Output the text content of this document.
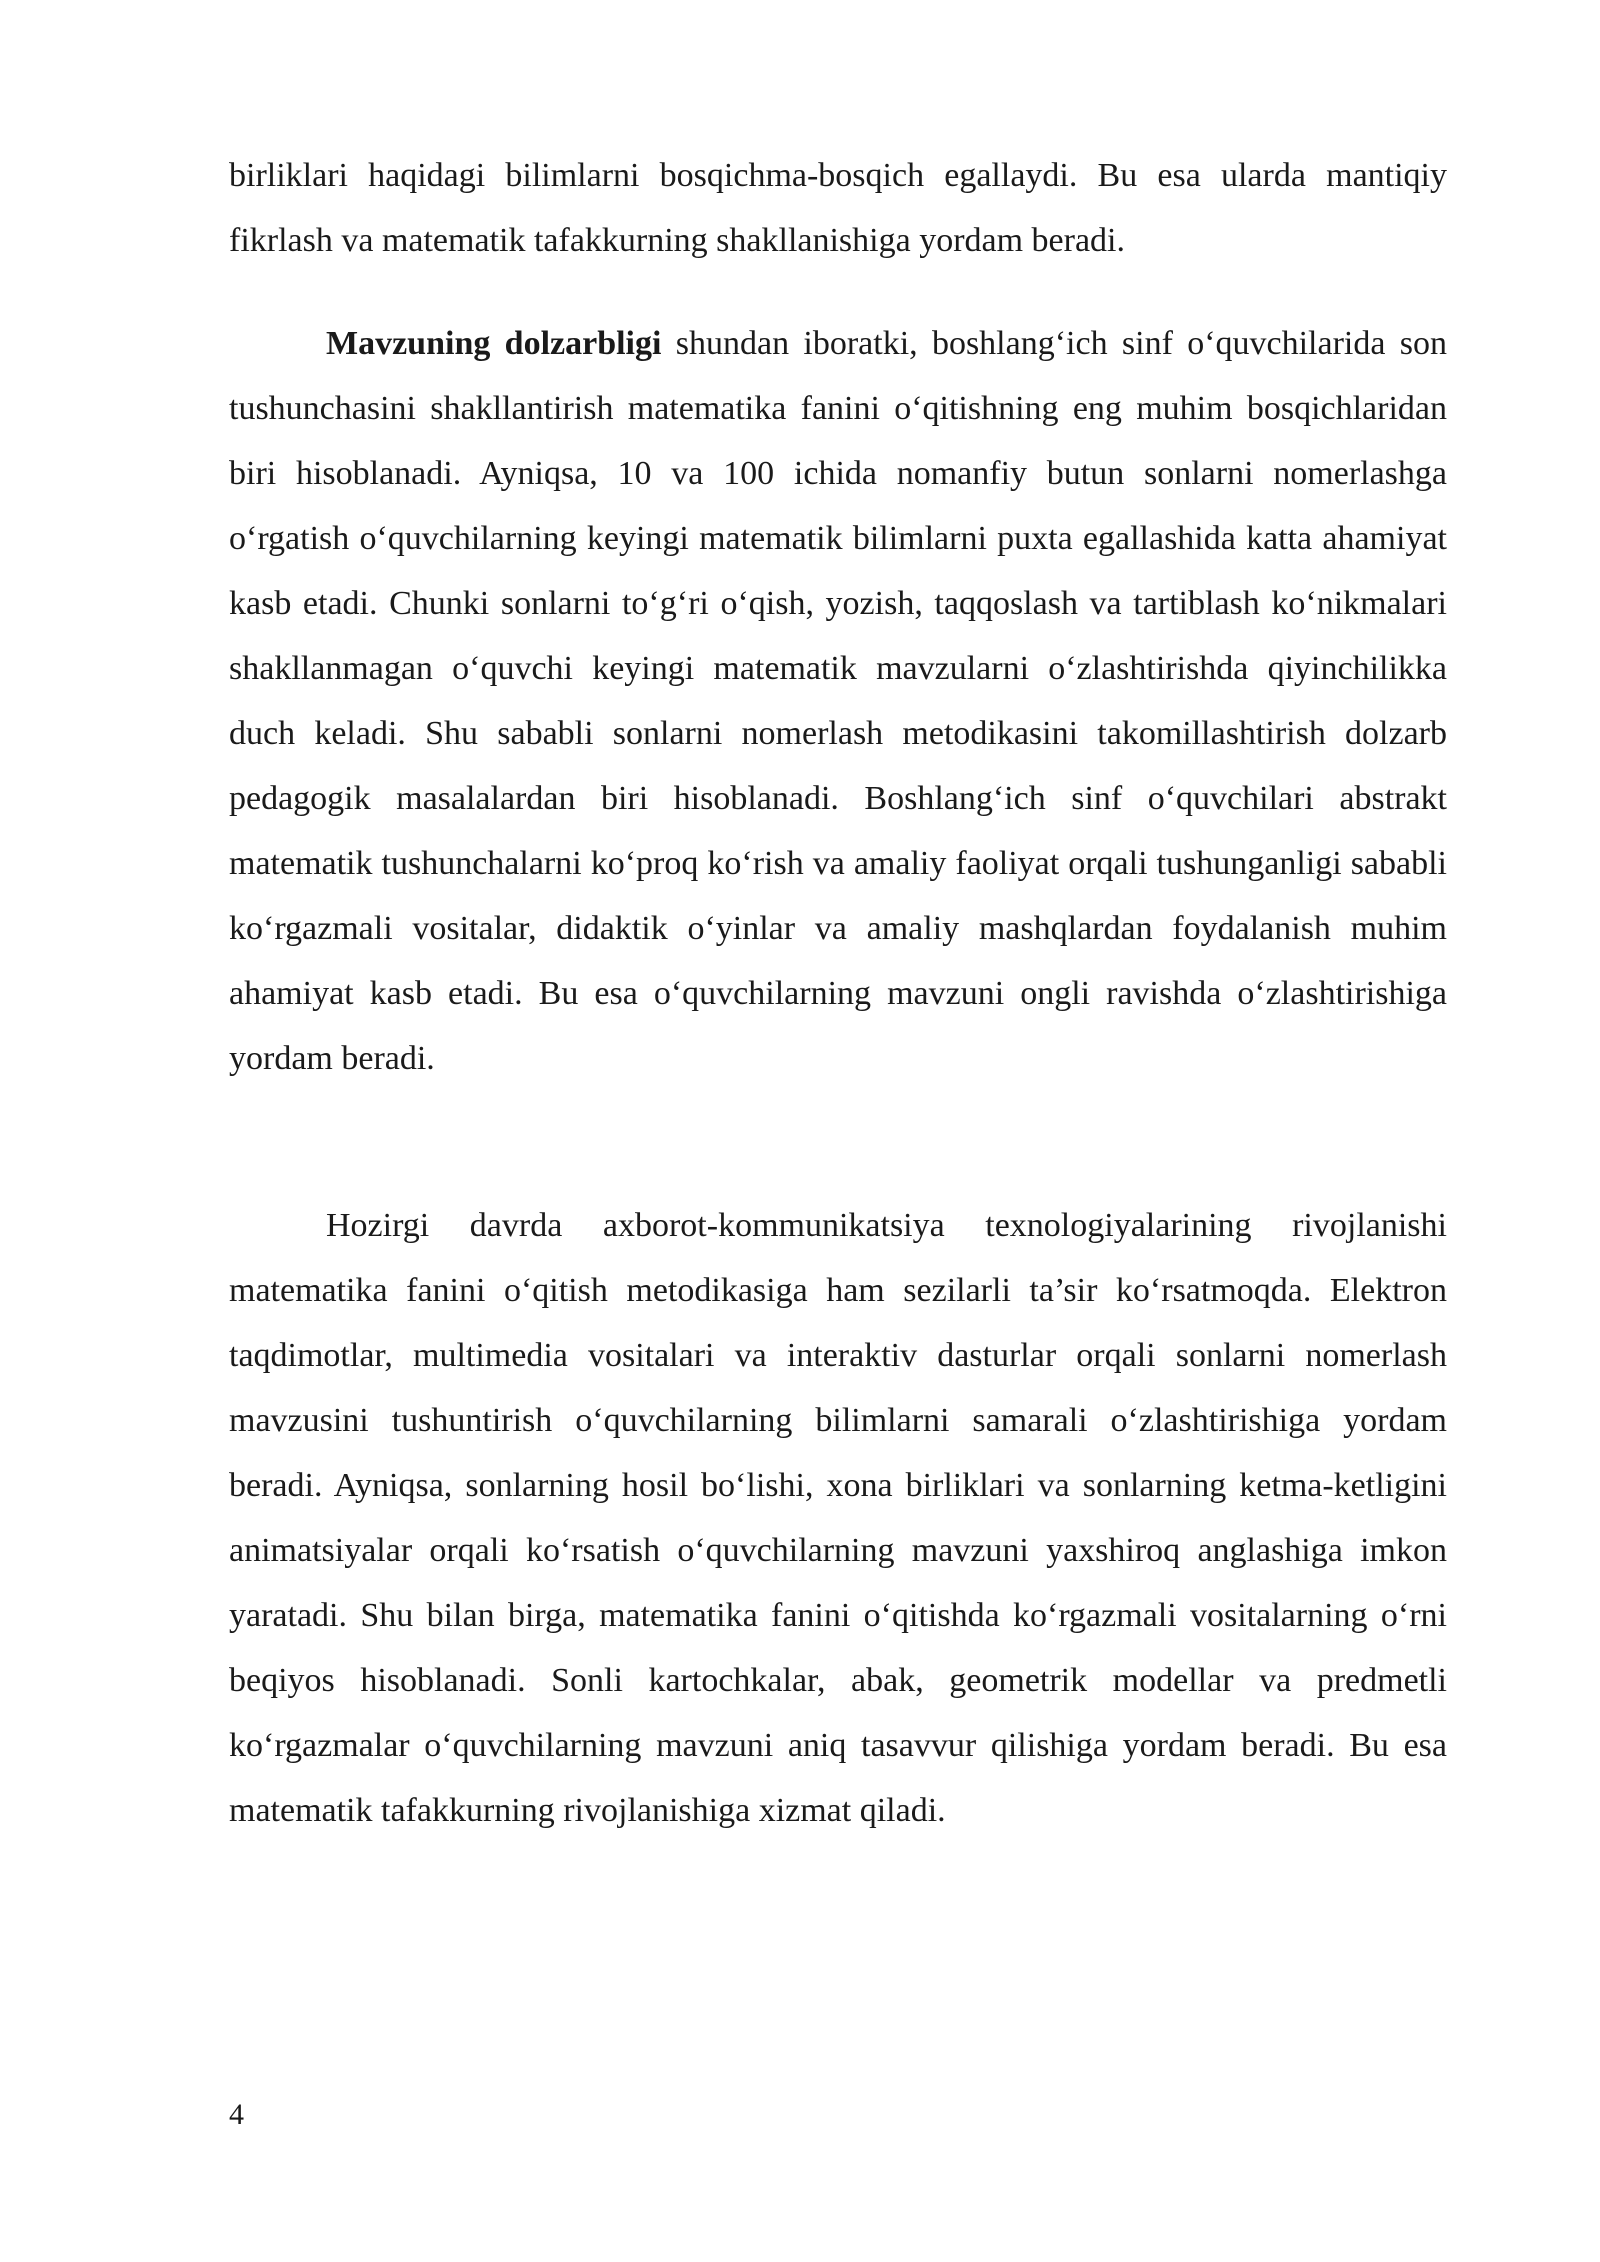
birliklari haqidagi bilimlarni bosqichma-bosqich egallaydi. Bu esa ularda mantiqiy fikrlash va matematik tafakkurning shakllanishiga yordam beradi.

Mavzuning dolzarbligi shundan iboratki, boshlang‘ich sinf o‘quvchilarida son tushunchasini shakllantirish matematika fanini o‘qitishning eng muhim bosqichlaridan biri hisoblanadi. Ayniqsa, 10 va 100 ichida nomanfiy butun sonlarni nomerlashga o‘rgatish o‘quvchilarning keyingi matematik bilimlarni puxta egallashida katta ahamiyat kasb etadi. Chunki sonlarni to‘g‘ri o‘qish, yozish, taqqoslash va tartiblash ko‘nikmalari shakllanmagan o‘quvchi keyingi matematik mavzularni o‘zlashtirishda qiyinchilikka duch keladi. Shu sababli sonlarni nomerlash metodikasini takomillashtirish dolzarb pedagogik masalalardan biri hisoblanadi. Boshlang‘ich sinf o‘quvchilari abstrakt matematik tushunchalarni ko‘proq ko‘rish va amaliy faoliyat orqali tushunganligi sababli ko‘rgazmali vositalar, didaktik o‘yinlar va amaliy mashqlardan foydalanish muhim ahamiyat kasb etadi. Bu esa o‘quvchilarning mavzuni ongli ravishda o‘zlashtirishiga yordam beradi.

Hozirgi davrda axborot-kommunikatsiya texnologiyalarining rivojlanishi matematika fanini o‘qitish metodikasiga ham sezilarli ta’sir ko‘rsatmoqda. Elektron taqdimotlar, multimedia vositalari va interaktiv dasturlar orqali sonlarni nomerlash mavzusini tushuntirish o‘quvchilarning bilimlarni samarali o‘zlashtirishiga yordam beradi. Ayniqsa, sonlarning hosil bo‘lishi, xona birliklari va sonlarning ketma-ketligini animatsiyalar orqali ko‘rsatish o‘quvchilarning mavzuni yaxshiroq anglashiga imkon yaratadi. Shu bilan birga, matematika fanini o‘qitishda ko‘rgazmali vositalarning o‘rni beqiyos hisoblanadi. Sonli kartochkalar, abak, geometrik modellar va predmetli ko‘rgazmalar o‘quvchilarning mavzuni aniq tasavvur qilishiga yordam beradi. Bu esa matematik tafakkurning rivojlanishiga xizmat qiladi.

4
